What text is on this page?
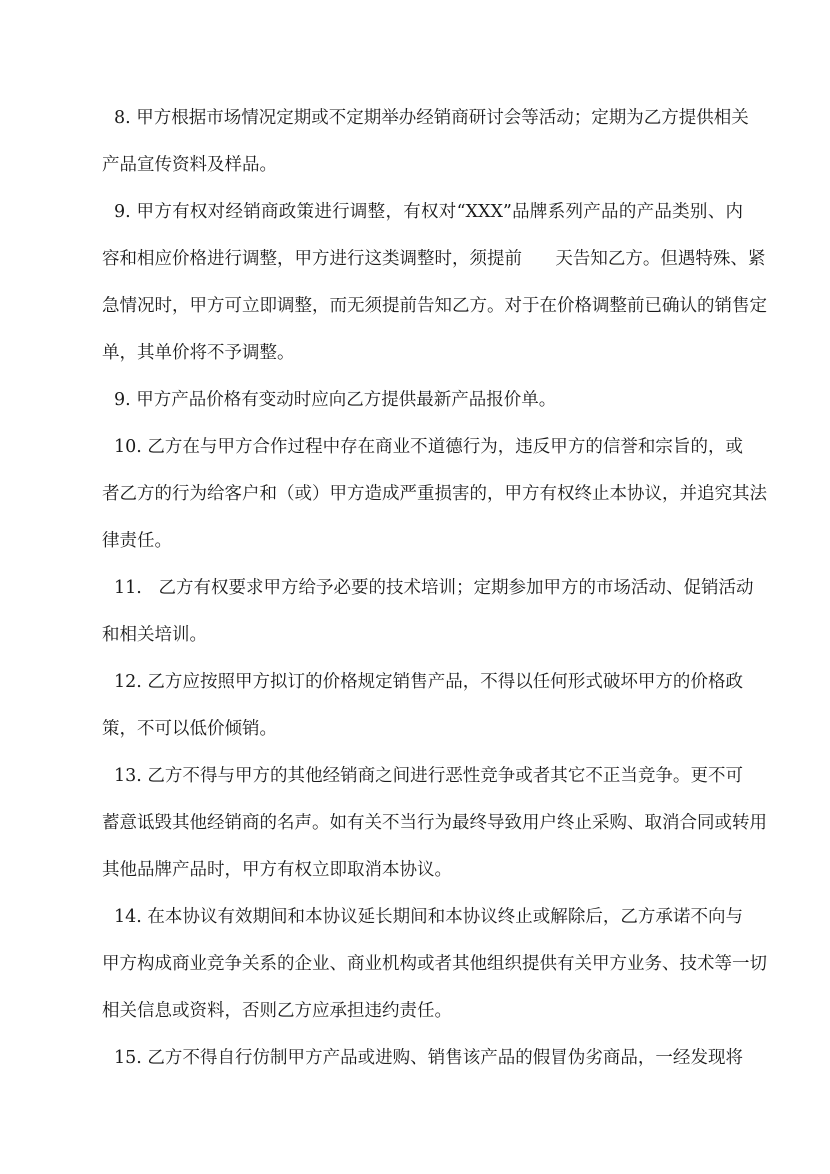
8. 甲方根据市场情况定期或不定期举办经销商研讨会等活动；定期为乙方提供相关
产品宣传资料及样品。
9. 甲方有权对经销商政策进行调整，有权对“XXX”品牌系列产品的产品类别、内
容和相应价格进行调整，甲方进行这类调整时，须提前      天告知乙方。但遇特殊、紧
急情况时，甲方可立即调整，而无须提前告知乙方。对于在价格调整前已确认的销售定
单，其单价将不予调整。
9. 甲方产品价格有变动时应向乙方提供最新产品报价单。
10. 乙方在与甲方合作过程中存在商业不道德行为，违反甲方的信誉和宗旨的，或
者乙方的行为给客户和（或）甲方造成严重损害的，甲方有权终止本协议，并追究其法
律责任。
11.   乙方有权要求甲方给予必要的技术培训；定期参加甲方的市场活动、促销活动
和相关培训。
12. 乙方应按照甲方拟订的价格规定销售产品，不得以任何形式破坏甲方的价格政
策，不可以低价倾销。
13. 乙方不得与甲方的其他经销商之间进行恶性竞争或者其它不正当竞争。更不可
蓄意诋毁其他经销商的名声。如有关不当行为最终导致用户终止采购、取消合同或转用
其他品牌产品时，甲方有权立即取消本协议。
14. 在本协议有效期间和本协议延长期间和本协议终止或解除后，乙方承诺不向与
甲方构成商业竞争关系的企业、商业机构或者其他组织提供有关甲方业务、技术等一切
相关信息或资料，否则乙方应承担违约责任。
15. 乙方不得自行仿制甲方产品或进购、销售该产品的假冒伪劣商品，一经发现将
